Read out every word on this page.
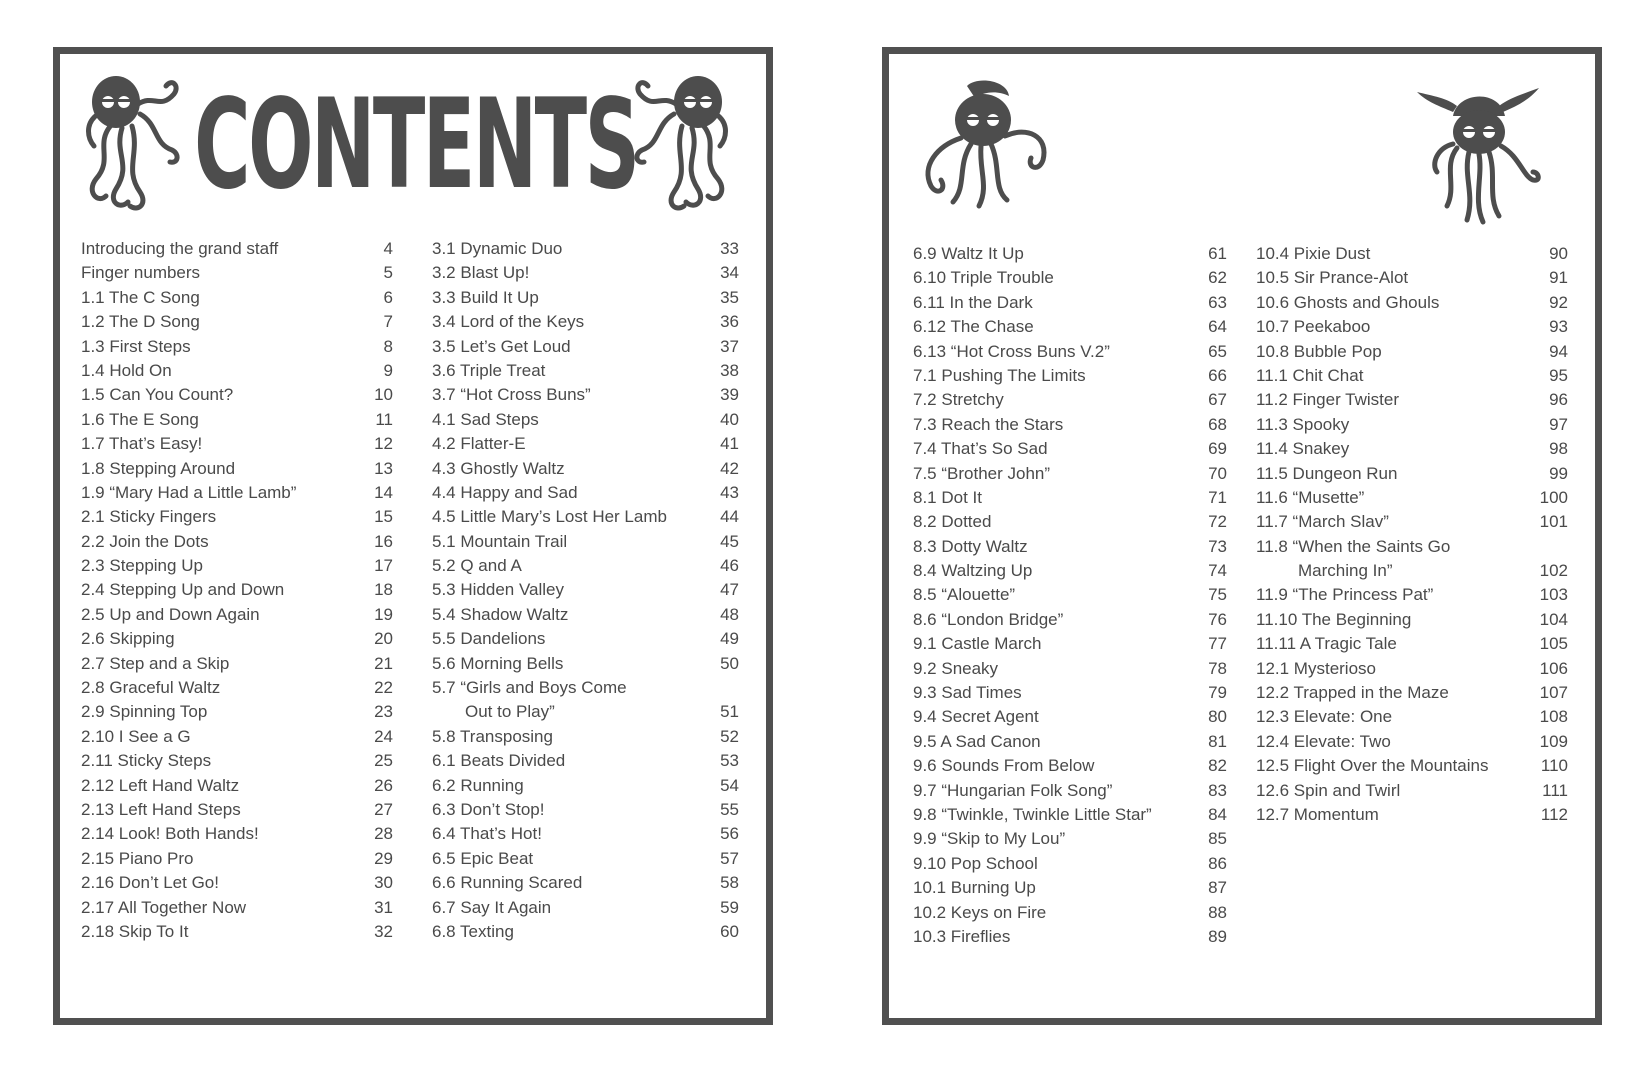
CONTENTS
Introducing the grand staff	4
Finger numbers	5
1.1 The C Song	6
1.2 The D Song	7
1.3 First Steps	8
1.4 Hold On	9
1.5 Can You Count?	10
1.6 The E Song	11
1.7 That’s Easy!	12
1.8 Stepping Around	13
1.9 “Mary Had a Little Lamb”	14
2.1 Sticky Fingers	15
2.2 Join the Dots	16
2.3 Stepping Up	17
2.4 Stepping Up and Down	18
2.5 Up and Down Again	19
2.6 Skipping	20
2.7 Step and a Skip	21
2.8 Graceful Waltz	22
2.9 Spinning Top	23
2.10 I See a G	24
2.11 Sticky Steps	25
2.12 Left Hand Waltz	26
2.13 Left Hand Steps	27
2.14 Look! Both Hands!	28
2.15 Piano Pro	29
2.16 Don’t Let Go!	30
2.17 All Together Now	31
2.18 Skip To It	32
3.1 Dynamic Duo	33
3.2 Blast Up!	34
3.3 Build It Up	35
3.4 Lord of the Keys	36
3.5 Let’s Get Loud	37
3.6 Triple Treat	38
3.7 “Hot Cross Buns”	39
4.1 Sad Steps	40
4.2 Flatter-E	41
4.3 Ghostly Waltz	42
4.4 Happy and Sad	43
4.5 Little Mary’s Lost Her Lamb	44
5.1 Mountain Trail	45
5.2 Q and A	46
5.3 Hidden Valley	47
5.4 Shadow Waltz	48
5.5 Dandelions	49
5.6 Morning Bells	50
5.7 “Girls and Boys Come
Out to Play”	51
5.8 Transposing	52
6.1 Beats Divided	53
6.2 Running	54
6.3 Don’t Stop!	55
6.4 That’s Hot!	56
6.5 Epic Beat	57
6.6 Running Scared	58
6.7 Say It Again	59
6.8 Texting	60
6.9 Waltz It Up	61
6.10 Triple Trouble	62
6.11 In the Dark	63
6.12 The Chase	64
6.13 “Hot Cross Buns V.2”	65
7.1 Pushing The Limits	66
7.2 Stretchy	67
7.3 Reach the Stars	68
7.4 That’s So Sad	69
7.5 “Brother John”	70
8.1 Dot It	71
8.2 Dotted	72
8.3 Dotty Waltz	73
8.4 Waltzing Up	74
8.5 “Alouette”	75
8.6 “London Bridge”	76
9.1 Castle March	77
9.2 Sneaky	78
9.3 Sad Times	79
9.4 Secret Agent	80
9.5 A Sad Canon	81
9.6 Sounds From Below	82
9.7 “Hungarian Folk Song”	83
9.8 “Twinkle, Twinkle Little Star”	84
9.9 “Skip to My Lou”	85
9.10 Pop School	86
10.1 Burning Up	87
10.2 Keys on Fire	88
10.3 Fireflies	89
10.4 Pixie Dust	90
10.5 Sir Prance-Alot	91
10.6 Ghosts and Ghouls	92
10.7 Peekaboo	93
10.8 Bubble Pop	94
11.1 Chit Chat	95
11.2 Finger Twister	96
11.3 Spooky	97
11.4 Snakey	98
11.5 Dungeon Run	99
11.6 “Musette”	100
11.7 “March Slav”	101
11.8 “When the Saints Go
Marching In”	102
11.9 “The Princess Pat”	103
11.10 The Beginning	104
11.11 A Tragic Tale	105
12.1 Mysterioso	106
12.2 Trapped in the Maze	107
12.3 Elevate: One	108
12.4 Elevate: Two	109
12.5 Flight Over the Mountains	110
12.6 Spin and Twirl	111
12.7 Momentum	112
